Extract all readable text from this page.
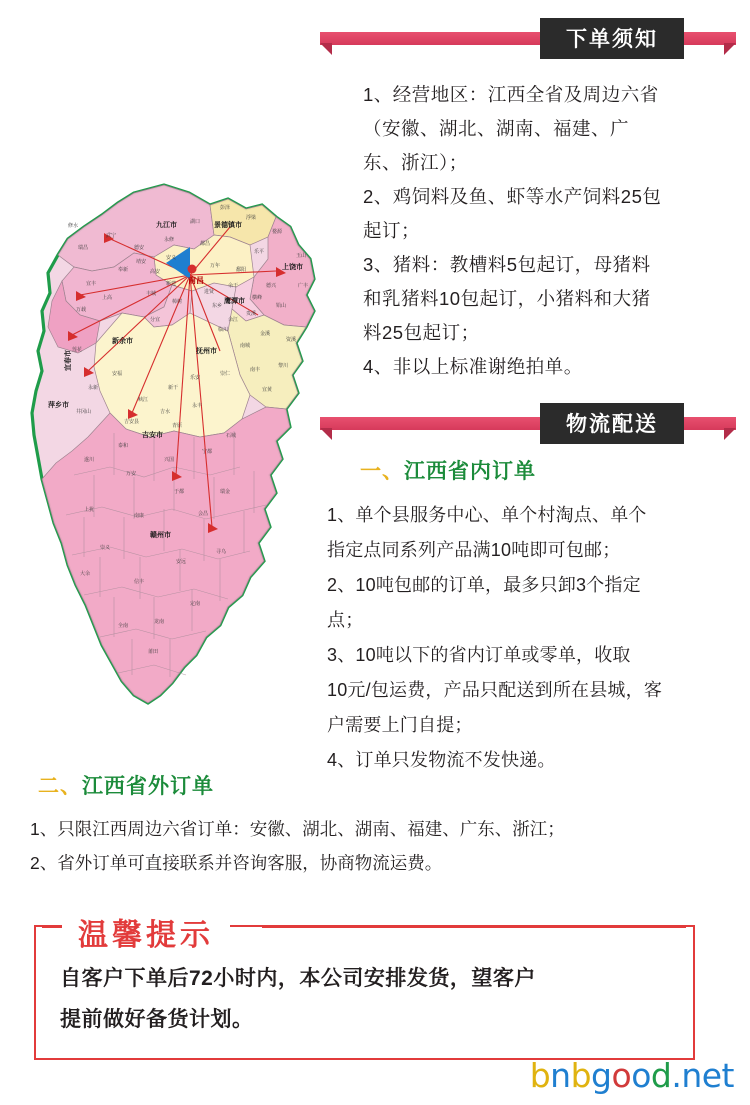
南昌
九江市	景德镇市
上饶市
鹰潭市
抚州市
新余市
宜春市
萍乡市
吉安市
赣州市
瑞昌
武宁
修水
德安
永修
湖口
彭泽
都昌
浮梁
乐平
婺源
鄱阳
德兴
玉山
广丰
铅山
横峰
余干
万年
贵溪
余江
东乡
金溪
资溪
南城
黎川
南丰
宜黄
崇仁
乐安
临川
丰城
樟树
高安
奉新
靖安
安义
新建
进贤
上高
宜丰
万载
分宜
莲花
安福
永新
井冈山
峡江
新干
吉水
永丰
吉安县
青原
泰和
遂川
万安
兴国
宁都
石城
瑞金
会昌
寻乌
安远
定南
龙南
全南
信丰
大余
崇义
上犹
南康
于都
莆田
下单须知

1、经营地区：江西全省及周边六省

（安徽、湖北、湖南、福建、广

东、浙江）；

2、鸡饲料及鱼、虾等水产饲料25包

起订；

3、猪料：教槽料5包起订，母猪料

和乳猪料10包起订，小猪料和大猪

料25包起订；

4、非以上标准谢绝拍单。

物流配送
一、江西省内订单

1、单个县服务中心、单个村淘点、单个

指定点同系列产品满10吨即可包邮；

2、10吨包邮的订单，最多只卸3个指定

点；

3、10吨以下的省内订单或零单，收取

10元/包运费，产品只配送到所在县城，客

户需要上门自提；

4、订单只发物流不发快递。

二、江西省外订单

1、只限江西周边六省订单：安徽、湖北、湖南、福建、广东、浙江；

2、省外订单可直接联系并咨询客服，协商物流运费。

温馨提示

自客户下单后72小时内，本公司安排发货，望客户

提前做好备货计划。

bnbgood.net
